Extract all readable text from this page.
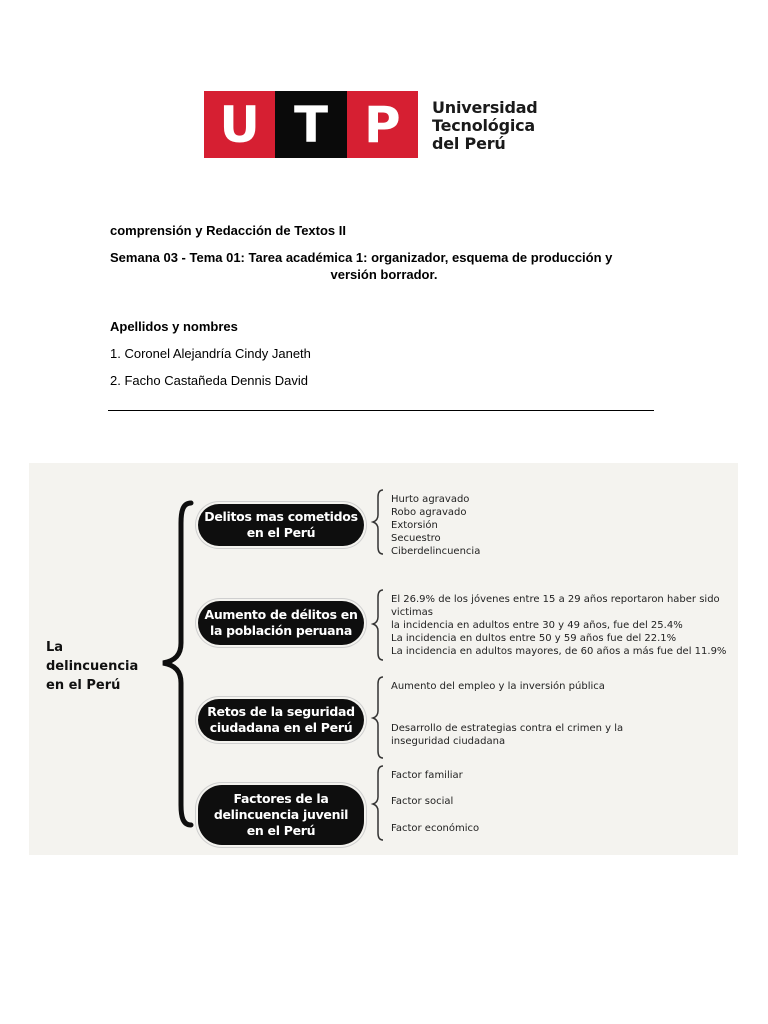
U T P	Universidad
Tecnológica
del Perú
comprensión y Redacción de Textos II
Semana 03 - Tema 01: Tarea académica 1: organizador, esquema de producción y
versión borrador.
Apellidos y nombres
1. Coronel Alejandría Cindy Janeth
2. Facho Castañeda Dennis David
La
delincuencia
en el Perú
Delitos mas cometidos
en el Perú
Aumento de délitos en
la población peruana
Retos de la seguridad
ciudadana en el Perú
Factores de la
delincuencia juvenil
en el Perú
Hurto agravado
Robo agravado
Extorsión
Secuestro
Ciberdelincuencia
El 26.9% de los jóvenes entre 15 a 29 años reportaron haber sido
victimas
la incidencia en adultos entre 30 y 49 años, fue del 25.4%
La incidencia en dultos entre 50 y 59 años fue del 22.1%
La incidencia en adultos mayores, de 60 años a más fue del 11.9%
Aumento del empleo y la inversión pública
Desarrollo de estrategias contra el crimen y la
inseguridad ciudadana
Factor familiar
Factor social
Factor económico
